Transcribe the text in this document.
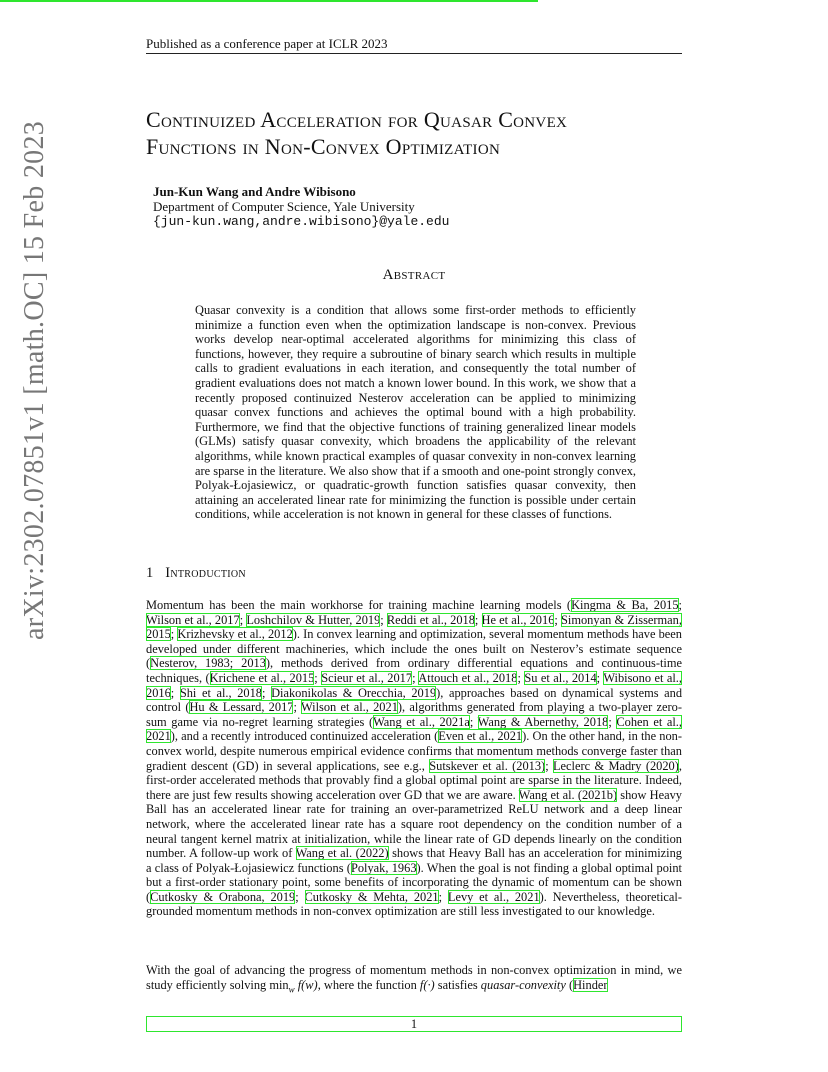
Published as a conference paper at ICLR 2023
arXiv:2302.07851v1 [math.OC] 15 Feb 2023
Continuized Acceleration for Quasar Convex
Functions in Non-Convex Optimization
Jun-Kun Wang and Andre Wibisono
Department of Computer Science, Yale University
{jun-kun.wang,andre.wibisono}@yale.edu
Abstract
Quasar convexity is a condition that allows some first-order methods to efficiently minimize a function even when the optimization landscape is non-convex. Previous works develop near-optimal accelerated algorithms for minimizing this class of functions, however, they require a subroutine of binary search which results in multiple calls to gradient evaluations in each iteration, and consequently the total number of gradient evaluations does not match a known lower bound. In this work, we show that a recently proposed continuized Nesterov acceleration can be applied to minimizing quasar convex functions and achieves the optimal bound with a high probability. Furthermore, we find that the objective functions of training generalized linear models (GLMs) satisfy quasar convexity, which broadens the applicability of the relevant algorithms, while known practical examples of quasar convexity in non-convex learning are sparse in the literature. We also show that if a smooth and one-point strongly convex, Polyak-Łojasiewicz, or quadratic-growth function satisfies quasar convexity, then attaining an accelerated linear rate for minimizing the function is possible under certain conditions, while acceleration is not known in general for these classes of functions.
1 Introduction
Momentum has been the main workhorse for training machine learning models (Kingma & Ba, 2015; Wilson et al., 2017; Loshchilov & Hutter, 2019; Reddi et al., 2018; He et al., 2016; Simonyan & Zisserman, 2015; Krizhevsky et al., 2012). In convex learning and optimization, several momentum methods have been developed under different machineries, which include the ones built on Nesterov’s estimate sequence (Nesterov, 1983; 2013), methods derived from ordinary differential equations and continuous-time techniques, (Krichene et al., 2015; Scieur et al., 2017; Attouch et al., 2018; Su et al., 2014; Wibisono et al., 2016; Shi et al., 2018; Diakonikolas & Orecchia, 2019), approaches based on dynamical systems and control (Hu & Lessard, 2017; Wilson et al., 2021), algorithms generated from playing a two-player zero-sum game via no-regret learning strategies (Wang et al., 2021a; Wang & Abernethy, 2018; Cohen et al., 2021), and a recently introduced continuized acceleration (Even et al., 2021). On the other hand, in the non-convex world, despite numerous empirical evidence confirms that momentum methods converge faster than gradient descent (GD) in several applications, see e.g., Sutskever et al. (2013); Leclerc & Madry (2020), first-order accelerated methods that provably find a global optimal point are sparse in the literature. Indeed, there are just few results showing acceleration over GD that we are aware. Wang et al. (2021b) show Heavy Ball has an accelerated linear rate for training an over-parametrized ReLU network and a deep linear network, where the accelerated linear rate has a square root dependency on the condition number of a neural tangent kernel matrix at initialization, while the linear rate of GD depends linearly on the condition number. A follow-up work of Wang et al. (2022) shows that Heavy Ball has an acceleration for minimizing a class of Polyak-Łojasiewicz functions (Polyak, 1963). When the goal is not finding a global optimal point but a first-order stationary point, some benefits of incorporating the dynamic of momentum can be shown (Cutkosky & Orabona, 2019; Cutkosky & Mehta, 2021; Levy et al., 2021). Nevertheless, theoretical-grounded momentum methods in non-convex optimization are still less investigated to our knowledge.
With the goal of advancing the progress of momentum methods in non-convex optimization in mind, we study efficiently solving $\min_w f(w)$, where the function f(·) satisfies quasar-convexity (Hinder
1
